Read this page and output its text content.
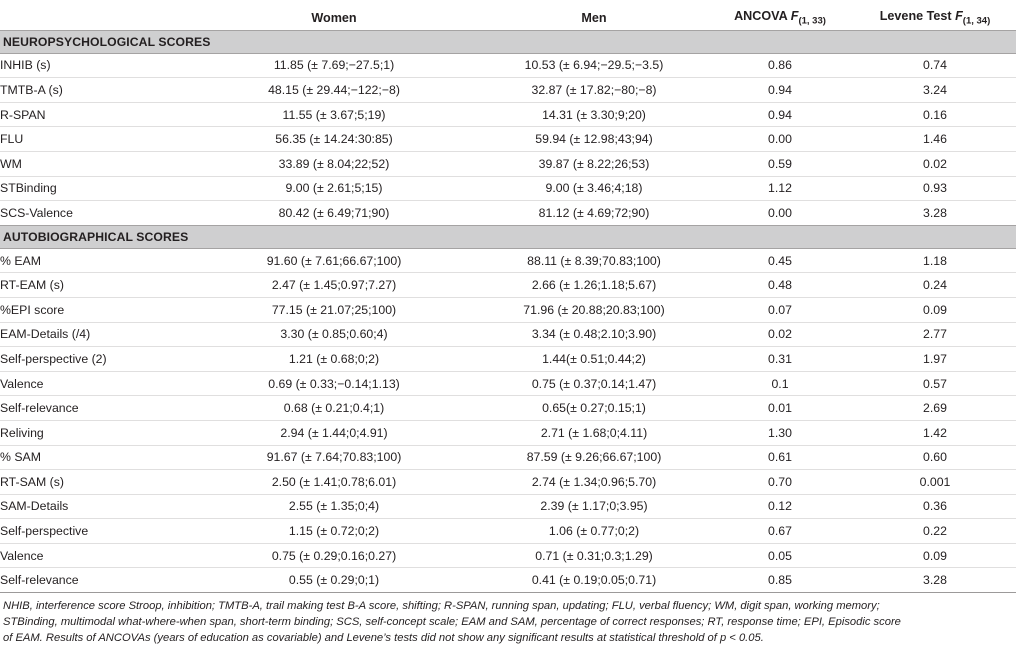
	Women	Men	ANCOVA $F_{(1, 33)}$	Levene Test $F_{(1, 34)}$
NEUROPSYCHOLOGICAL SCORES				
INHIB (s)	11.85 (± 7.69;−27.5;1)	10.53 (± 6.94;−29.5;−3.5)	0.86	0.74
TMTB-A (s)	48.15 (± 29.44;−122;−8)	32.87 (± 17.82;−80;−8)	0.94	3.24
R-SPAN	11.55 (± 3.67;5;19)	14.31 (± 3.30;9;20)	0.94	0.16
FLU	56.35 (± 14.24:30:85)	59.94 (± 12.98;43;94)	0.00	1.46
WM	33.89 (± 8.04;22;52)	39.87 (± 8.22;26;53)	0.59	0.02
STBinding	9.00 (± 2.61;5;15)	9.00 (± 3.46;4;18)	1.12	0.93
SCS-Valence	80.42 (± 6.49;71;90)	81.12 (± 4.69;72;90)	0.00	3.28
AUTOBIOGRAPHICAL SCORES				
% EAM	91.60 (± 7.61;66.67;100)	88.11 (± 8.39;70.83;100)	0.45	1.18
RT-EAM (s)	2.47 (± 1.45;0.97;7.27)	2.66 (± 1.26;1.18;5.67)	0.48	0.24
%EPI score	77.15 (± 21.07;25;100)	71.96 (± 20.88;20.83;100)	0.07	0.09
EAM-Details (/4)	3.30 (± 0.85;0.60;4)	3.34 (± 0.48;2.10;3.90)	0.02	2.77
Self-perspective (2)	1.21 (± 0.68;0;2)	1.44(± 0.51;0.44;2)	0.31	1.97
Valence	0.69 (± 0.33;−0.14;1.13)	0.75 (± 0.37;0.14;1.47)	0.1	0.57
Self-relevance	0.68 (± 0.21;0.4;1)	0.65(± 0.27;0.15;1)	0.01	2.69
Reliving	2.94 (± 1.44;0;4.91)	2.71 (± 1.68;0;4.11)	1.30	1.42
% SAM	91.67 (± 7.64;70.83;100)	87.59 (± 9.26;66.67;100)	0.61	0.60
RT-SAM (s)	2.50 (± 1.41;0.78;6.01)	2.74 (± 1.34;0.96;5.70)	0.70	0.001
SAM-Details	2.55 (± 1.35;0;4)	2.39 (± 1.17;0;3.95)	0.12	0.36
Self-perspective	1.15 (± 0.72;0;2)	1.06 (± 0.77;0;2)	0.67	0.22
Valence	0.75 (± 0.29;0.16;0.27)	0.71 (± 0.31;0.3;1.29)	0.05	0.09
Self-relevance	0.55 (± 0.29;0;1)	0.41 (± 0.19;0.05;0.71)	0.85	3.28

NHIB, interference score Stroop, inhibition; TMTB-A, trail making test B-A score, shifting; R-SPAN, running span, updating; FLU, verbal fluency; WM, digit span, working memory;

STBinding, multimodal what-where-when span, short-term binding; SCS, self-concept scale; EAM and SAM, percentage of correct responses; RT, response time; EPI, Episodic score

of EAM. Results of ANCOVAs (years of education as covariable) and Levene’s tests did not show any significant results at statistical threshold of p < 0.05.
